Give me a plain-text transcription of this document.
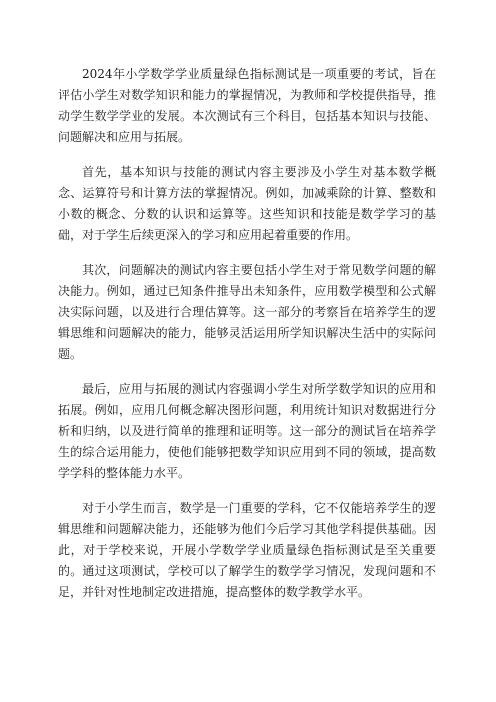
2024年小学数学学业质量绿色指标测试是一项重要的考试，旨在评估小学生对数学知识和能力的掌握情况，为教师和学校提供指导，推动学生数学学业的发展。本次测试有三个科目，包括基本知识与技能、问题解决和应用与拓展。

首先，基本知识与技能的测试内容主要涉及小学生对基本数学概念、运算符号和计算方法的掌握情况。例如，加减乘除的计算、整数和小数的概念、分数的认识和运算等。这些知识和技能是数学学习的基础，对于学生后续更深入的学习和应用起着重要的作用。

其次，问题解决的测试内容主要包括小学生对于常见数学问题的解决能力。例如，通过已知条件推导出未知条件，应用数学模型和公式解决实际问题，以及进行合理估算等。这一部分的考察旨在培养学生的逻辑思维和问题解决的能力，能够灵活运用所学知识解决生活中的实际问题。

最后，应用与拓展的测试内容强调小学生对所学数学知识的应用和拓展。例如，应用几何概念解决图形问题，利用统计知识对数据进行分析和归纳，以及进行简单的推理和证明等。这一部分的测试旨在培养学生的综合运用能力，使他们能够把数学知识应用到不同的领域，提高数学学科的整体能力水平。

对于小学生而言，数学是一门重要的学科，它不仅能培养学生的逻辑思维和问题解决能力，还能够为他们今后学习其他学科提供基础。因此，对于学校来说，开展小学数学学业质量绿色指标测试是至关重要的。通过这项测试，学校可以了解学生的数学学习情况，发现问题和不足，并针对性地制定改进措施，提高整体的数学教学水平。
